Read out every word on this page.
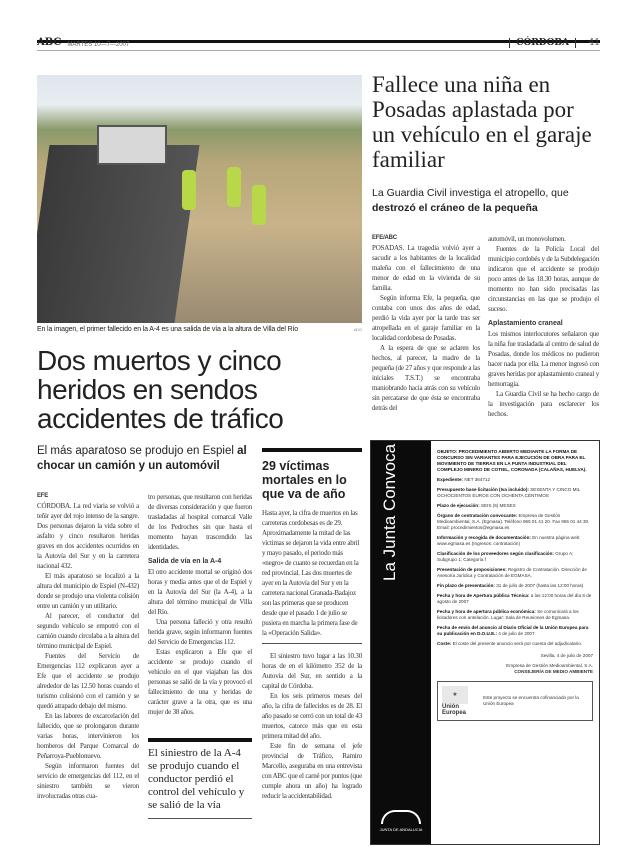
ABC MARTES 10—7—2007	CÓRDOBA	41
En la imagen, el primer fallecido en la A-4 es una salida de vía a la altura de Villa del Río	ADG
Dos muertos y cinco heridos en sendos accidentes de tráfico
El más aparatoso se produjo en Espiel al chocar un camión y un automóvil
EFE

CÓRDOBA. La red viaria se volvió a teñir ayer del rojo intenso de la sangre. Dos personas dejaron la vida sobre el asfalto y cinco resultaron heridas graves en dos accidentes ocurridos en la Autovía del Sur y en la carretera nacional 432.

El más aparatoso se localizó a la altura del municipio de Espiel (N-432) donde se produjo una violenta colisión entre un camión y un utilitario.

Al parecer, el conductor del segundo vehículo se empotró con el camión cuando circulaba a la altura del término municipal de Espiel.

Fuentes del Servicio de Emergencias 112 explicaron ayer a Efe que el accidente se produjo alrededor de las 12.50 horas cuando el turismo colisionó con el camión y se quedó atrapado debajo del mismo.

En las labores de excarcelación del fallecido, que se prolongaron durante varias horas, intervinieron los bomberos del Parque Comarcal de Peñarroya-Pueblonuevo.

Según informaron fuentes del servicio de emergencias del 112, en el siniestro también se vieron involucradas otras cua-

tro personas, que resultaron con heridas de diversas consideración y que fueron trasladadas al hospital comarcal Valle de los Pedroches sin que hasta el momento hayan trascendido las identidades.

Salida de vía en la A-4

El otro accidente mortal se originó dos horas y media antes que el de Espiel y en la Autovía del Sur (la A-4), a la altura del término municipal de Villa del Río.

Una persona falleció y otra resultó herida grave, según informaron fuentes del Servicio de Emergencias 112.

Estas explicaron a Efe que el accidente se produjo cuando el vehículo en el que viajaban las dos personas se salió de la vía y provocó el fallecimiento de una y heridas de carácter grave a la otra, que es una mujer de 38 años.

El siniestro de la A-4 se produjo cuando el conductor perdió el control del vehículo y se salió de la vía
29 víctimas mortales en lo que va de año

Hasta ayer, la cifra de muertos en las carreteras cordobesas es de 29. Aproximadamente la mitad de las víctimas se dejaron la vida entre abril y mayo pasado, el periodo más «negro» de cuanto se recuerdan en la red provincial. Las dos muertes de ayer en la Autovía del Sur y en la carretera nacional Granada-Badajoz son las primeras que se producen desde que el pasado 1 de julio se pusiera en marcha la primera fase de la «Operación Salida».

El siniestro tuvo lugar a las 10.30 horas de en el kilómetro 352 de la Autovía del Sur, en sentido a la capital de Córdoba.

En los seis primeros meses del año, la cifra de fallecidos es de 28. El año pasado se cerró con un total de 43 muertos, catorce más que en esta primera mitad del año.

Este fin de semana el jefe provincial de Tráfico, Ramiro Marcello, aseguraba en una entrevista con ABC que el carné por puntos (que cumple ahora un año) ha logrado reducir la accidentabilidad.

Fallece una niña en Posadas aplastada por un vehículo en el garaje familiar
La Guardia Civil investiga el atropello, que destrozó el cráneo de la pequeña
EFE/ABC

POSADAS. La tragedia volvió ayer a sacudir a los habitantes de la localidad maleña con el fallecimiento de una menor de edad en la vivienda de su familia.

Según informa Efe, la pequeña, que contaba con unos dos años de edad, perdió la vida ayer por la tarde tras ser atropellada en el garaje familiar en la localidad cordobesa de Posadas.

A la espera de que se aclaren los hechos, al parecer, la madre de la pequeña (de 27 años y que responde a las iniciales T.S.T.) se encontraba maniobrando hacia atrás con su vehículo sin percatarse de que ésta se encontraba detrás del

automóvil, un monovolumen.

Fuentes de la Policía Local del municipio cordobés y de la Subdelegación indicaron que el accidente se produjo poco antes de las 18.30 horas, aunque de momento no han sido precisadas las circunstancias en las que se produjo el suceso.

Aplastamiento craneal

Los mismos interlocutores señalaron que la niña fue trasladada al centro de salud de Posadas, donde los médicos no pudieron hacer nada por ella. La menor ingresó con graves heridas por aplastamiento craneal y hemorragia.

La Guardia Civil se ha hecho cargo de la investigación para esclarecer los hechos.

La Junta Convoca
JUNTA DE ANDALUCIA

OBJETO: PROCEDIMIENTO ABIERTO MEDIANTE LA FORMA DE CONCURSO SIN VARIANTES PARA EJECUCIÓN DE OBRA PARA EL MOVIMIENTO DE TIERRAS EN LA PUNTA INDUSTRIAL DEL COMPLEJO MINERO DE COTIEL, CORONADA (CALAÑAS, HUELVA).

Expediente: NET 364712

Presupuesto base licitación (Iva incluido): SESENTA Y CINCO MIL OCHOCIENTOS EUROS CON OCHENTA CÉNTIMOS

Plazo de ejecución: SEIS (6) MESES

Órgano de contratación convocante: Empresa de Gestión Medioambiental, S.A. (Egmasa). Teléfono 955 01 41 20. Fax 955 01 44 30. Email: procedimientos@egmasa.es

Información y recogida de documentación: En nuestra página web: www.egmasa.es (Ingresos: contratación)

Clasificación de los proveedores según clasificación: Grupo A; Subgrupo 1; Categoría f

Presentación de proposiciones: Registro de Contratación. Dirección de Asesoría Jurídica y Contratación de EGMASA.

Fin plazo de presentación: 31 de julio de 2007 (hasta las 12:00 horas)

Fecha y hora de Apertura pública Técnica: a las 12:00 horas del día 8 de agosto de 2007

Fecha y hora de apertura pública económica: Se comunicará a los licitadores con antelación. Lugar: Sala de Reuniones de Egmasa.

Fecha de envío del anuncio al Diario Oficial de la Unión Europea para su publicación en D.O.U.E.: 4 de julio de 2007

Coste: El coste del presente anuncio será por cuenta del adjudicatario.

Sevilla, 4 de julio de 2007
Empresa de Gestión Medioambiental, S.A.
CONSEJERÍA DE MEDIO AMBIENTE
★
Unión Europea
Este proyecto se encuentra cofinanciado por la Unión Europea
